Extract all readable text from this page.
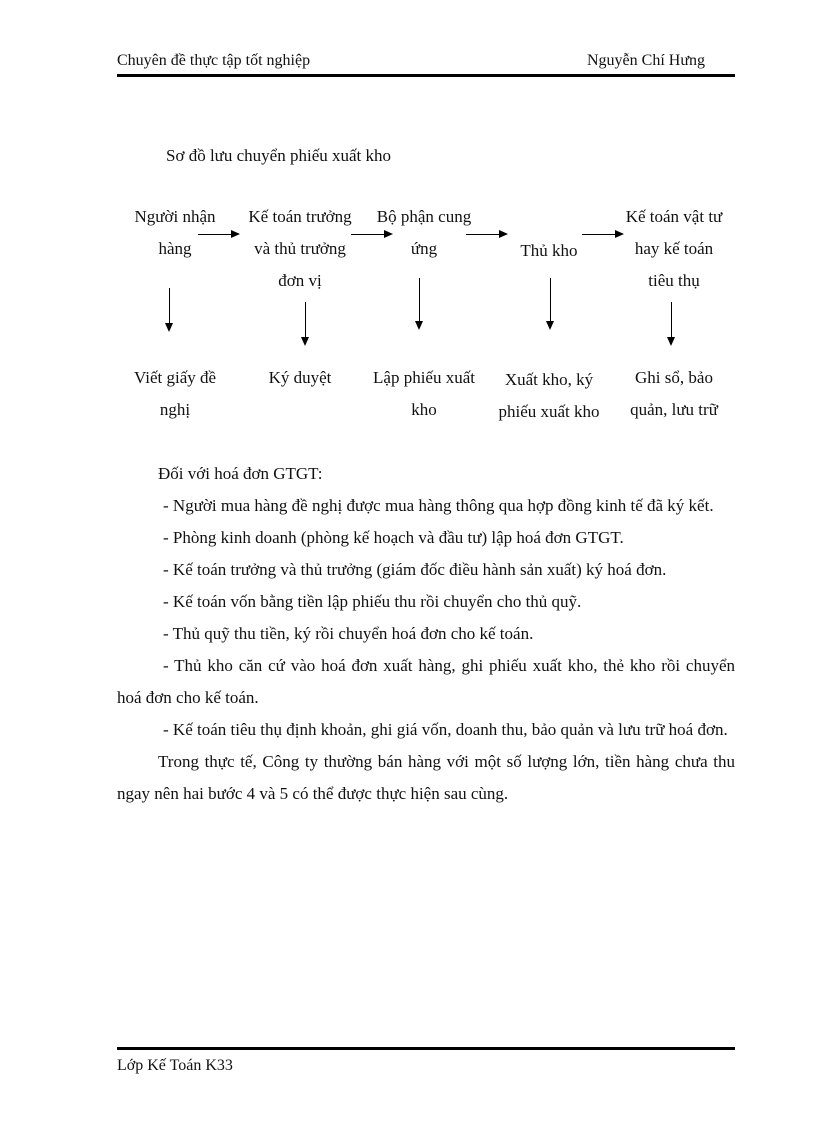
Chuyên đề thực tập tốt nghiệp	Nguyễn Chí Hưng
Sơ đồ lưu chuyển phiếu xuất kho
Người nhận
hàng
Kế toán trưởng
và thủ trưởng
đơn vị
Bộ phận cung
ứng	Thủ kho
Kế toán vật tư
hay kế toán
tiêu thụ
Viết giấy đề
nghị
Ký duyệt	Lập phiếu xuất
kho
Xuất kho, ký
phiếu xuất kho
Ghi sổ, bảo
quản, lưu trữ

Đối với hoá đơn GTGT:

- Người mua hàng đề nghị được mua hàng thông qua hợp đồng kinh tế đã ký kết.

- Phòng kinh doanh (phòng kế hoạch và đầu tư) lập hoá đơn GTGT.

- Kế toán trưởng và thủ trưởng (giám đốc điều hành sản xuất) ký hoá đơn.

- Kế toán vốn bằng tiền lập phiếu thu rồi chuyển cho thủ quỹ.

- Thủ quỹ thu tiền, ký rồi chuyển hoá đơn cho kế toán.

- Thủ kho căn cứ vào hoá đơn xuất hàng, ghi phiếu xuất kho, thẻ kho rồi chuyển hoá đơn cho kế toán.

- Kế toán tiêu thụ định khoản, ghi giá vốn, doanh thu, bảo quản và lưu trữ hoá đơn.

Trong thực tế, Công ty thường bán hàng với một số lượng lớn, tiền hàng chưa thu ngay nên hai bước 4 và 5 có thể được thực hiện sau cùng.

Lớp Kế Toán K33
